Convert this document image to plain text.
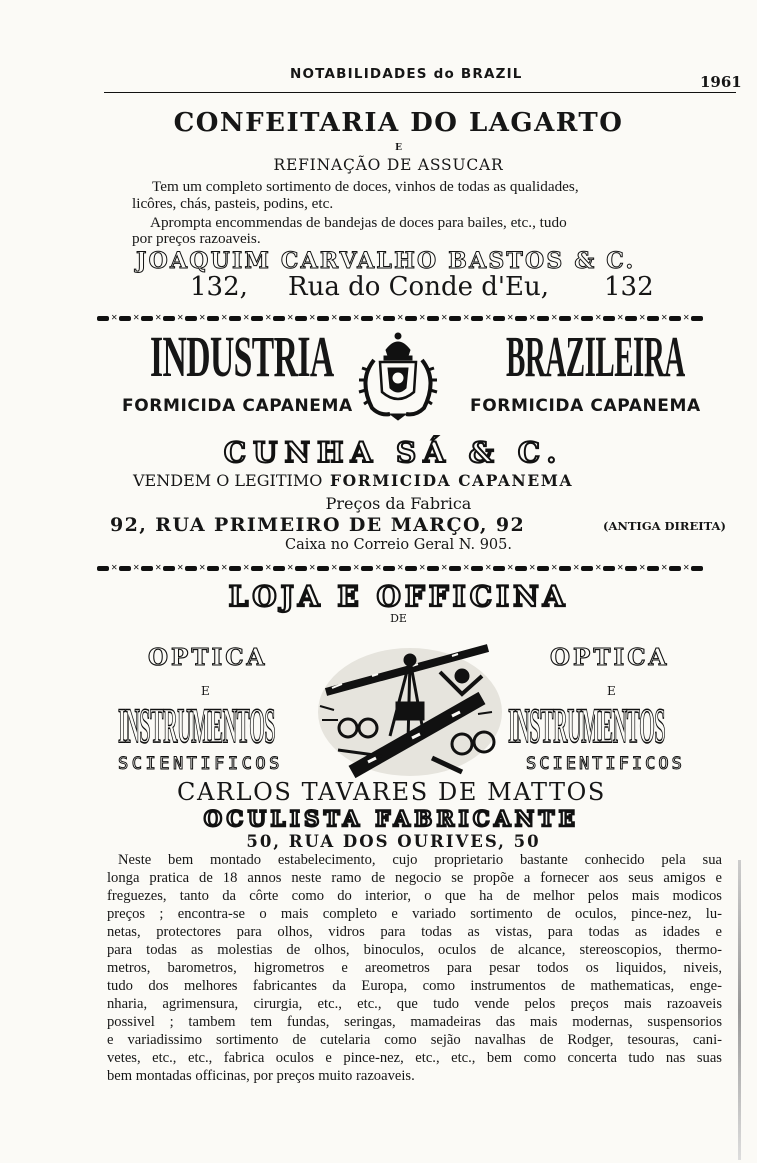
NOTABILIDADES do BRAZIL	1961
CONFEITARIA DO LAGARTO
E
REFINAÇÃO DE ASSUCAR
Tem um completo sortimento de doces, vinhos de todas as qualidades,
licôres, chás, pasteis, podins, etc.
Apromptа encommendas de bandejas de doces para bailes, etc., tudo
por preços razoaveis.
JOAQUIM CARVALHO BASTOS & C.
132, Rua do Conde d'Eu, 132
✕ ✕ ✕ ✕ ✕ ✕ ✕ ✕ ✕ ✕ ✕ ✕ ✕ ✕ ✕ ✕ ✕ ✕ ✕ ✕ ✕ ✕ ✕ ✕ ✕ ✕ ✕
INDUSTRIA	BRAZILEIRA
FORMICIDA CAPANEMA	FORMICIDA CAPANEMA
CUNHA SÁ & C.
VENDEM O LEGITIMO FORMICIDA CAPANEMA
Preços da Fabrica
92, RUA PRIMEIRO DE MARÇO, 92	(ANTIGA DIREITA)
Caixa no Correio Geral N. 905.
✕ ✕ ✕ ✕ ✕ ✕ ✕ ✕ ✕ ✕ ✕ ✕ ✕ ✕ ✕ ✕ ✕ ✕ ✕ ✕ ✕ ✕ ✕ ✕ ✕ ✕ ✕
LOJA E OFFICINA
DE
OPTICA	OPTICA
E	E
INSTRUMENTOS	INSTRUMENTOS
SCIENTIFICOS	SCIENTIFICOS
CARLOS TAVARES DE MATTOS
OCULISTA FABRICANTE
50, RUA DOS OURIVES, 50
Neste bem montado estabelecimento, cujo proprietario bastante conhecido pela sua
longa pratica de 18 annos neste ramo de negocio se propõe a fornecer aos seus amigos e
freguezes, tanto da côrte como do interior, o que ha de melhor pelos mais modicos
preços ; encontra-se o mais completo e variado sortimento de oculos, pince-nez, lu-
netas, protectores para olhos, vidros para todas as vistas, para todas as idades e
para todas as molestias de olhos, binoculos, oculos de alcance, stereoscopios, thermo-
metros, barometros, higrometros e areometros para pesar todos os liquidos, niveis,
tudo dos melhores fabricantes da Europa, como instrumentos de mathematicas, enge-
nharia, agrimensura, cirurgia, etc., etc., que tudo vende pelos preços mais razoaveis
possivel ; tambem tem fundas, seringas, mamadeiras das mais modernas, suspensorios
e variadissimo sortimento de cutelaria como sejão navalhas de Rodger, tesouras, cani-
vetes, etc., etc., fabrica oculos e pince-nez, etc., etc., bem como concerta tudo nas suas
bem montadas officinas, por preços muito razoaveis.
